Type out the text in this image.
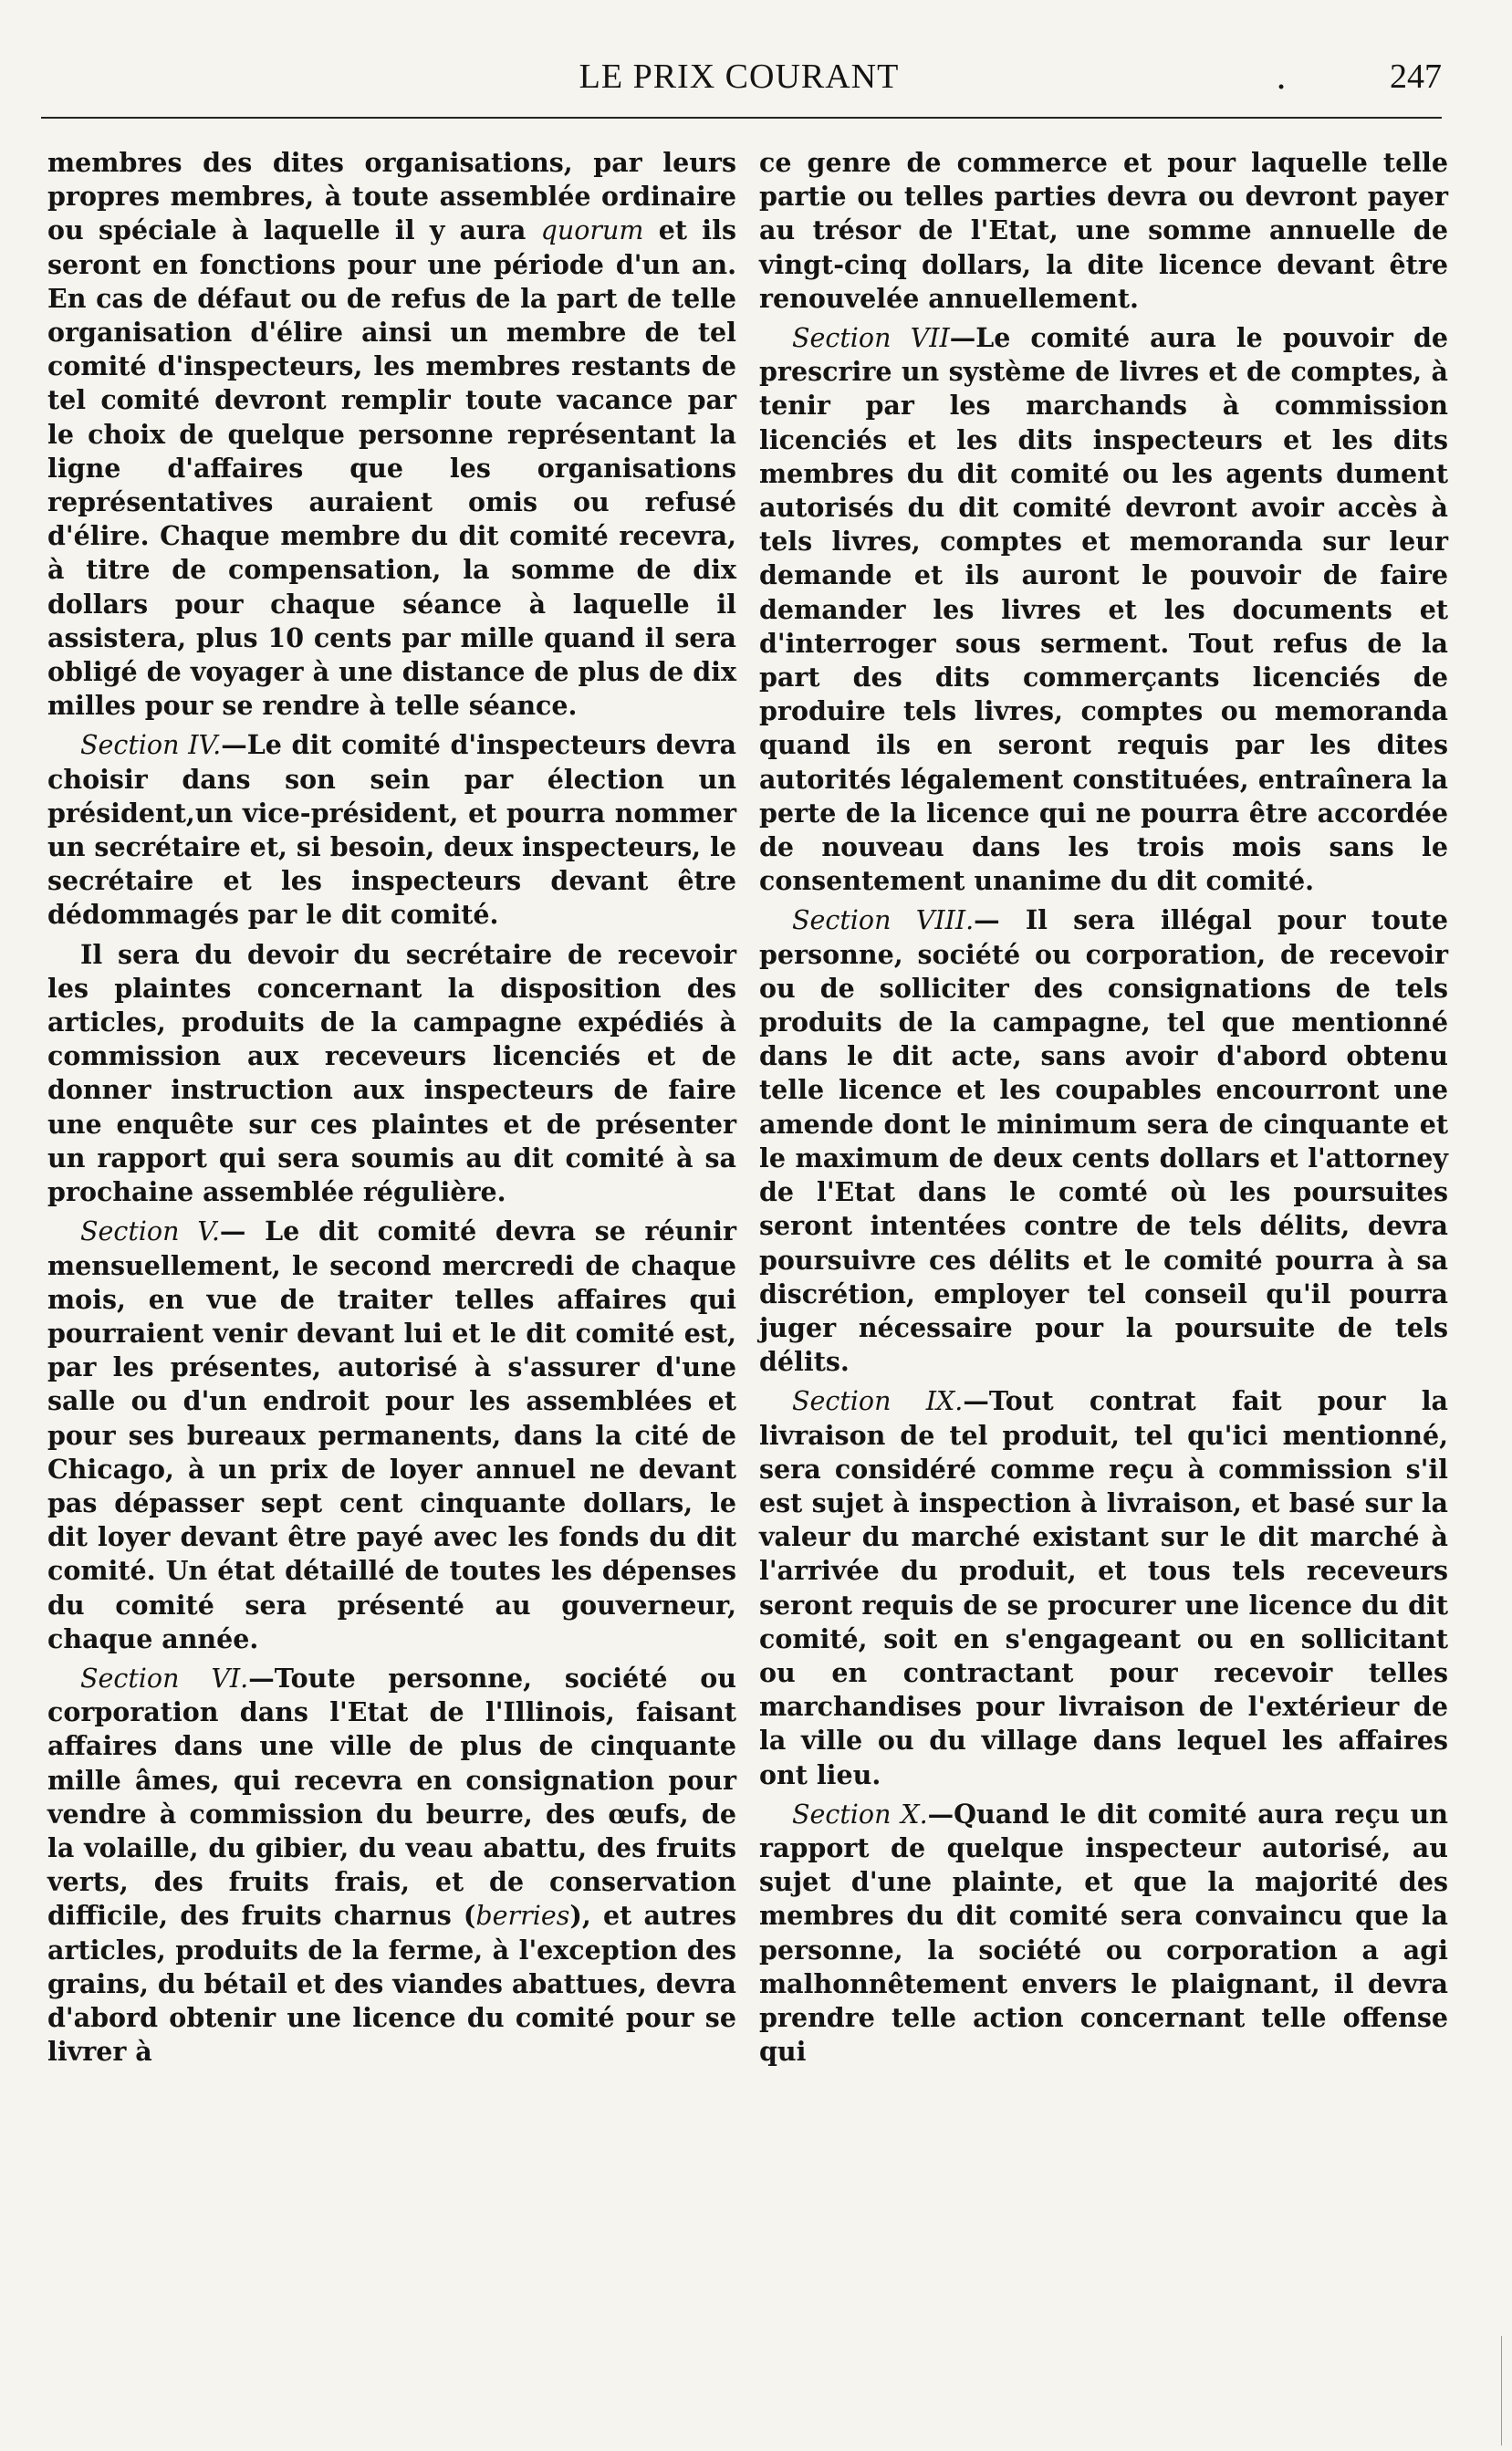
LE PRIX COURANT	.	247

membres des dites organisations, par leurs propres membres, à toute assemblée ordinaire ou spéciale à laquelle il y aura quorum et ils seront en fonctions pour une période d'un an. En cas de défaut ou de refus de la part de telle organisation d'élire ainsi un membre de tel comité d'inspecteurs, les membres restants de tel comité devront remplir toute vacance par le choix de quelque personne représentant la ligne d'affaires que les organisations représentatives auraient omis ou refusé d'élire. Chaque membre du dit comité recevra, à titre de compensation, la somme de dix dollars pour chaque séance à laquelle il assistera, plus 10 cents par mille quand il sera obligé de voyager à une distance de plus de dix milles pour se rendre à telle séance.

Section IV.—Le dit comité d'inspecteurs devra choisir dans son sein par élection un président,un vice-président, et pourra nommer un secrétaire et, si besoin, deux inspecteurs, le secrétaire et les inspecteurs devant être dédommagés par le dit comité.

Il sera du devoir du secrétaire de recevoir les plaintes concernant la disposition des articles, produits de la campagne expédiés à commission aux receveurs licenciés et de donner instruction aux inspecteurs de faire une enquête sur ces plaintes et de présenter un rapport qui sera soumis au dit comité à sa prochaine assemblée régulière.

Section V.— Le dit comité devra se réunir mensuellement, le second mercredi de chaque mois, en vue de traiter telles affaires qui pourraient venir devant lui et le dit comité est, par les présentes, autorisé à s'assurer d'une salle ou d'un endroit pour les assemblées et pour ses bureaux permanents, dans la cité de Chicago, à un prix de loyer annuel ne devant pas dépasser sept cent cinquante dollars, le dit loyer devant être payé avec les fonds du dit comité. Un état détaillé de toutes les dépenses du comité sera présenté au gouverneur, chaque année.

Section VI.—Toute personne, société ou corporation dans l'Etat de l'Illinois, faisant affaires dans une ville de plus de cinquante mille âmes, qui recevra en consignation pour vendre à commission du beurre, des œufs, de la volaille, du gibier, du veau abattu, des fruits verts, des fruits frais, et de conservation difficile, des fruits charnus (berries), et autres articles, produits de la ferme, à l'exception des grains, du bétail et des viandes abattues, devra d'abord obtenir une licence du comité pour se livrer à

ce genre de commerce et pour laquelle telle partie ou telles parties devra ou devront payer au trésor de l'Etat, une somme annuelle de vingt-cinq dollars, la dite licence devant être renouvelée annuellement.

Section VII—Le comité aura le pouvoir de prescrire un système de livres et de comptes, à tenir par les marchands à commission licenciés et les dits inspecteurs et les dits membres du dit comité ou les agents dument autorisés du dit comité devront avoir accès à tels livres, comptes et memoranda sur leur demande et ils auront le pouvoir de faire demander les livres et les documents et d'interroger sous serment. Tout refus de la part des dits commerçants licenciés de produire tels livres, comptes ou memoranda quand ils en seront requis par les dites autorités légalement constituées, entraînera la perte de la licence qui ne pourra être accordée de nouveau dans les trois mois sans le consentement unanime du dit comité.

Section VIII.— Il sera illégal pour toute personne, société ou corporation, de recevoir ou de solliciter des consignations de tels produits de la campagne, tel que mentionné dans le dit acte, sans avoir d'abord obtenu telle licence et les coupables encourront une amende dont le minimum sera de cinquante et le maximum de deux cents dollars et l'attorney de l'Etat dans le comté où les poursuites seront intentées contre de tels délits, devra poursuivre ces délits et le comité pourra à sa discrétion, employer tel conseil qu'il pourra juger nécessaire pour la poursuite de tels délits.

Section IX.—Tout contrat fait pour la livraison de tel produit, tel qu'ici mentionné, sera considéré comme reçu à commission s'il est sujet à inspection à livraison, et basé sur la valeur du marché existant sur le dit marché à l'arrivée du produit, et tous tels receveurs seront requis de se procurer une licence du dit comité, soit en s'engageant ou en sollicitant ou en contractant pour recevoir telles marchandises pour livraison de l'extérieur de la ville ou du village dans lequel les affaires ont lieu.

Section X.—Quand le dit comité aura reçu un rapport de quelque inspecteur autorisé, au sujet d'une plainte, et que la majorité des membres du dit comité sera convaincu que la personne, la société ou corporation a agi malhonnêtement envers le plaignant, il devra prendre telle action concernant telle offense qui
